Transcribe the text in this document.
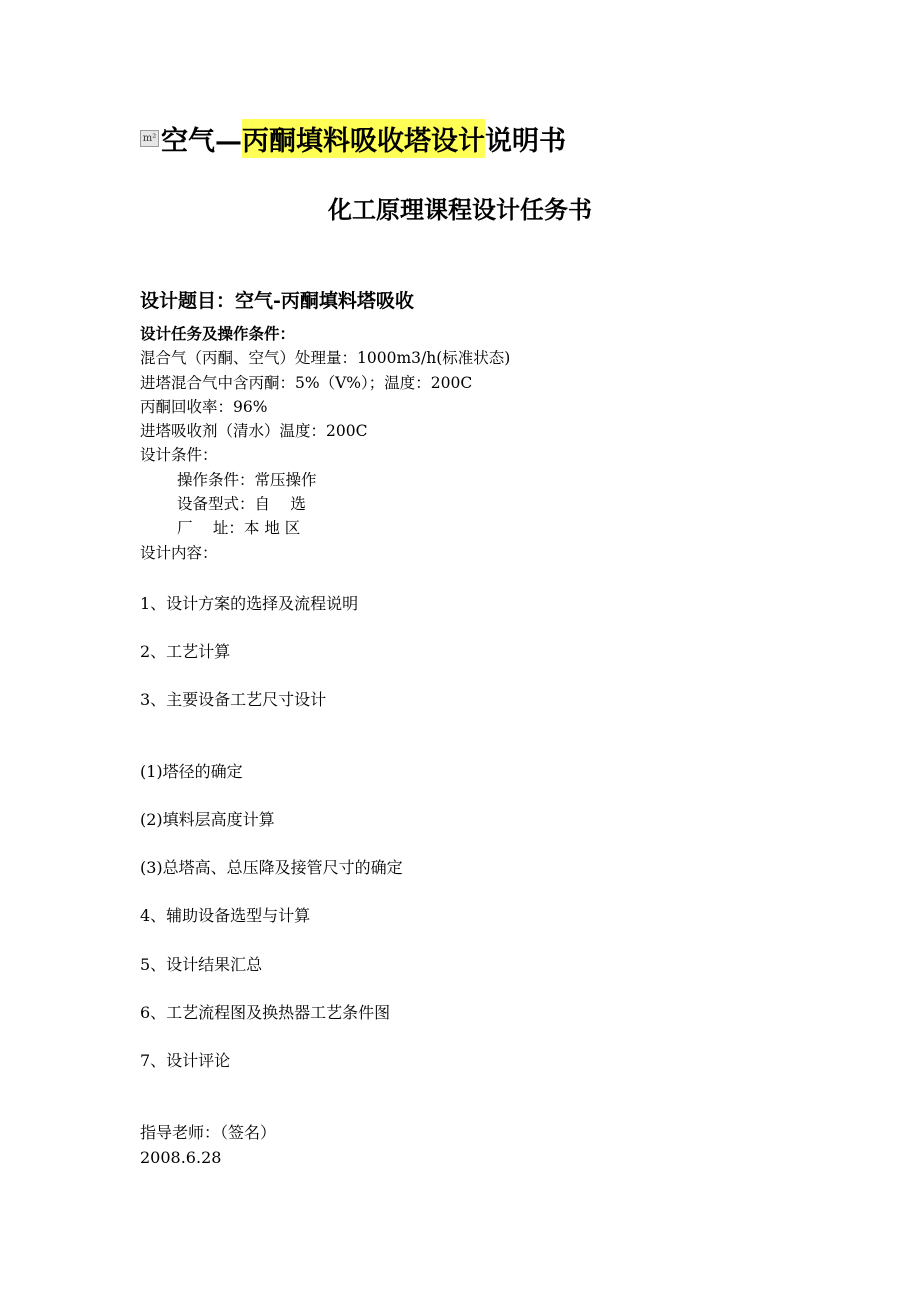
m² 空气— 丙酮填料吸收塔设计 说明书
化工原理课程设计任务书
设计题目：空气-丙酮填料塔吸收
设计任务及操作条件：
混合气（丙酮、空气）处理量：1000m3/h(标准状态)
进塔混合气中含丙酮：5%（V%）；温度：200C
丙酮回收率：96%
进塔吸收剂（清水）温度：200C
设计条件：
操作条件：常压操作
设备型式：自　 选
厂　 址：本 地 区
设计内容：
1、设计方案的选择及流程说明
2、工艺计算
3、主要设备工艺尺寸设计
(1)塔径的确定
(2)填料层高度计算
(3)总塔高、总压降及接管尺寸的确定
4、辅助设备选型与计算
5、设计结果汇总
6、工艺流程图及换热器工艺条件图
7、设计评论
指导老师：（签名）
2008.6.28
